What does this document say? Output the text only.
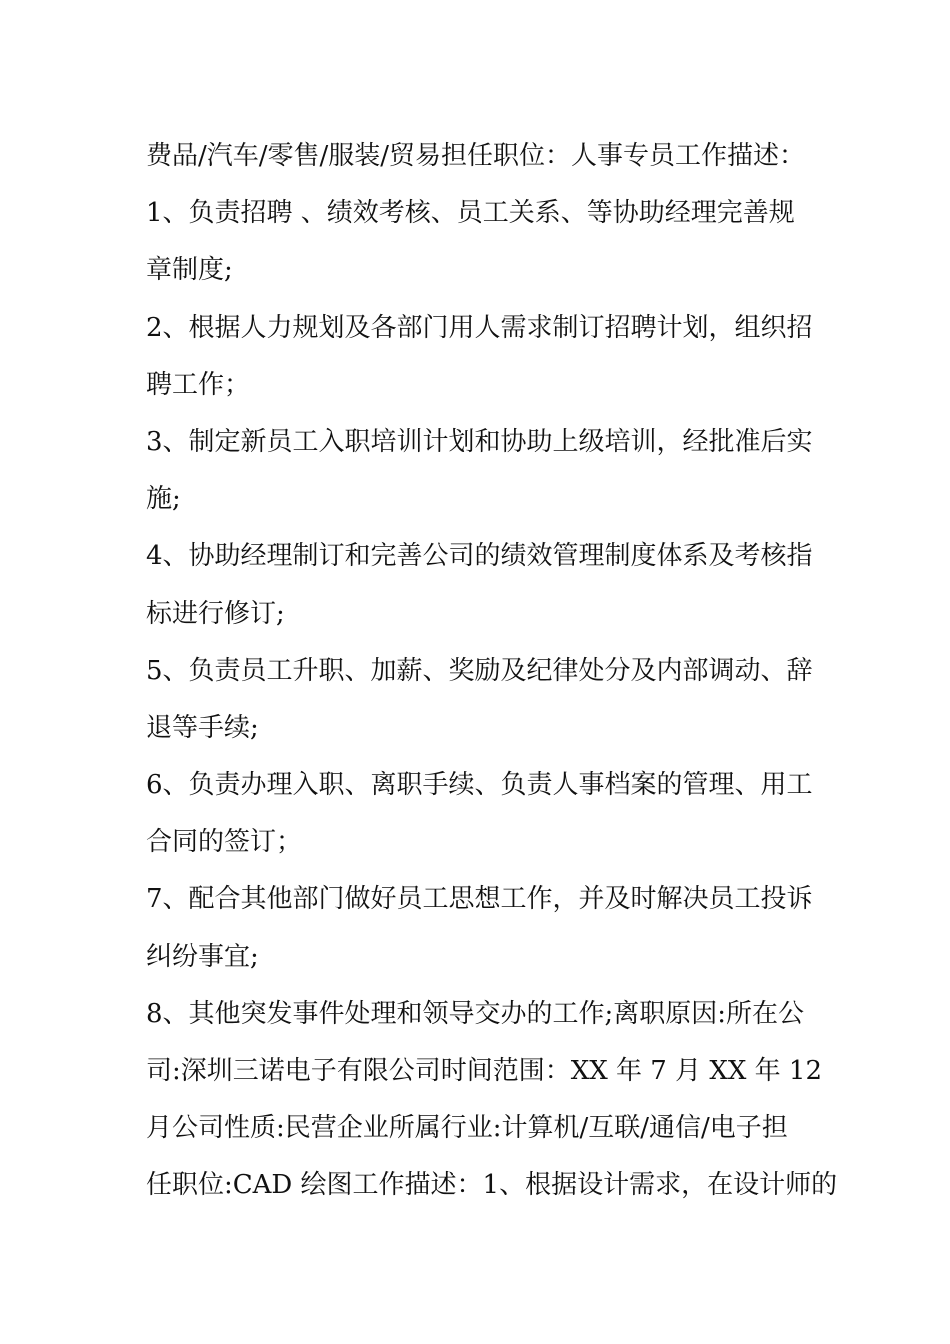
费品/汽车/零售/服装/贸易担任职位：人事专员工作描述：
1、负责招聘 、绩效考核、员工关系、等协助经理完善规
章制度;
2、根据人力规划及各部门用人需求制订招聘计划，组织招
聘工作；
3、制定新员工入职培训计划和协助上级培训，经批准后实
施;
4、协助经理制订和完善公司的绩效管理制度体系及考核指
标进行修订;
5、负责员工升职、加薪、奖励及纪律处分及内部调动、辞
退等手续;
6、负责办理入职、离职手续、负责人事档案的管理、用工
合同的签订；
7、配合其他部门做好员工思想工作，并及时解决员工投诉
纠纷事宜;
8、其他突发事件处理和领导交办的工作;离职原因:所在公
司:深圳三诺电子有限公司时间范围：XX 年 7 月 XX 年 12
月公司性质:民营企业所属行业:计算机/互联/通信/电子担
任职位:CAD 绘图工作描述：1、根据设计需求，在设计师的
